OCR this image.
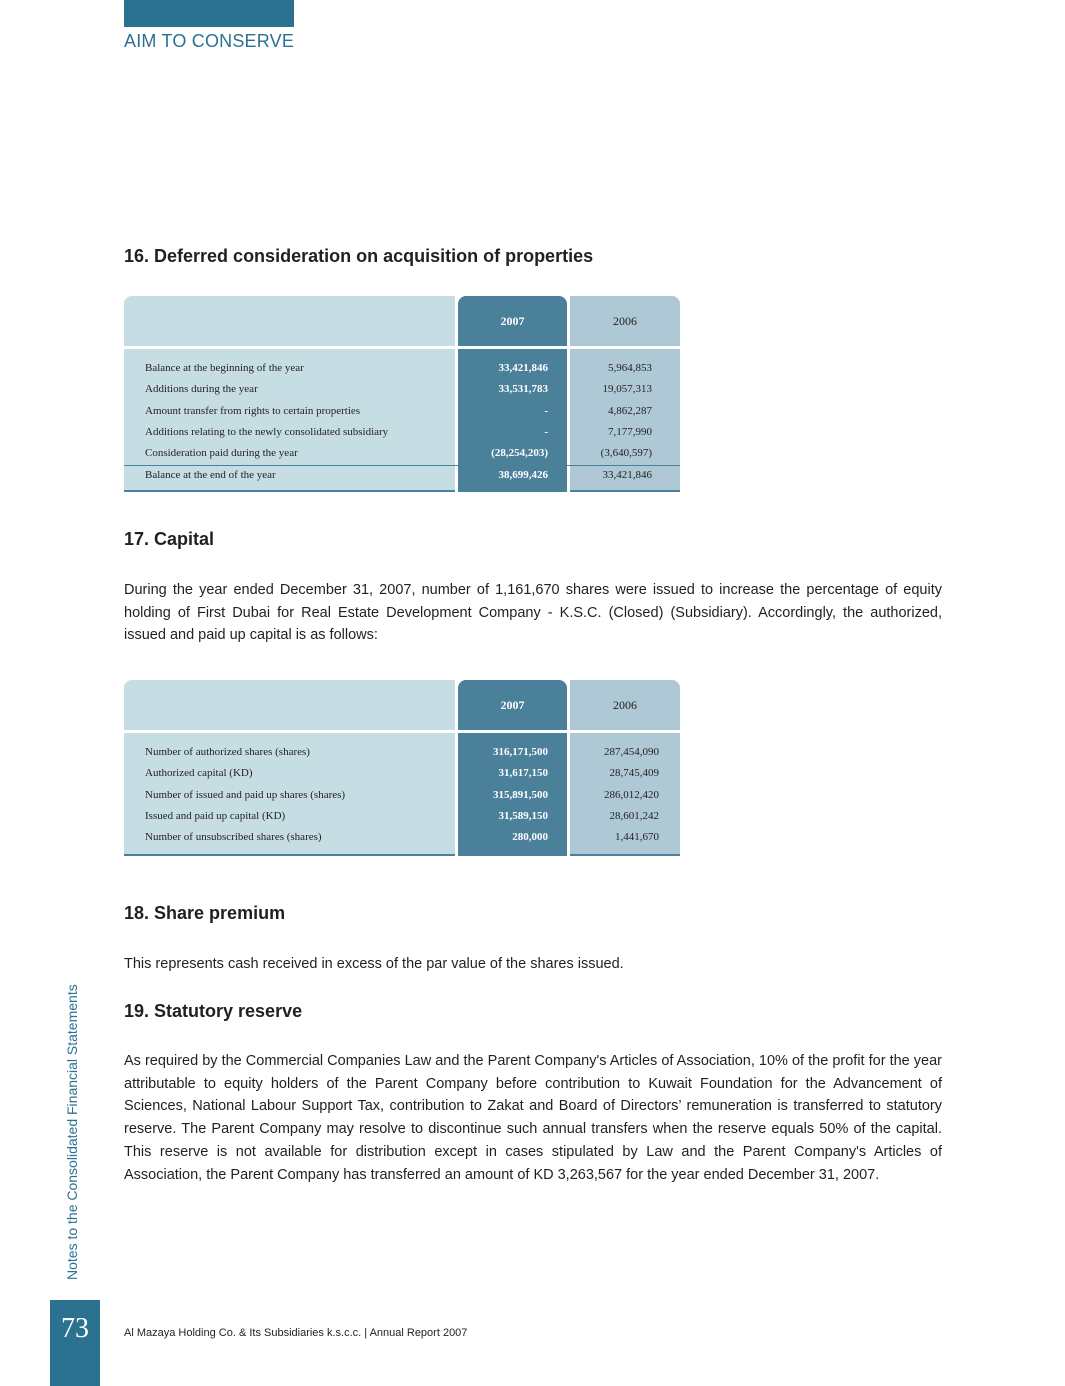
AIM TO CONSERVE
16. Deferred consideration on acquisition of properties
2007	2006
Balance at the beginning of the year	33,421,846	5,964,853
Additions during the year	33,531,783	19,057,313
Amount transfer from rights to certain properties	-	4,862,287
Additions relating to the newly consolidated subsidiary	-	7,177,990
Consideration paid during the year	(28,254,203)	(3,640,597)
Balance at the end of the year	38,699,426	33,421,846
17. Capital

During the year ended December 31, 2007, number of 1,161,670 shares were issued to increase the percentage of equity holding of First Dubai for Real Estate Development Company - K.S.C. (Closed) (Subsidiary). Accordingly, the authorized, issued and paid up capital is as follows:

2007	2006
Number of authorized shares (shares)	316,171,500	287,454,090
Authorized capital (KD)	31,617,150	28,745,409
Number of issued and paid up shares (shares)	315,891,500	286,012,420
Issued and paid up capital (KD)	31,589,150	28,601,242
Number of unsubscribed shares (shares)	280,000	1,441,670
18. Share premium

This represents cash received in excess of the par value of the shares issued.

19. Statutory reserve

As required by the Commercial Companies Law and the Parent Company's Articles of Association, 10% of the profit for the year attributable to equity holders of the Parent Company before contribution to Kuwait Foundation for the Advancement of Sciences, National Labour Support Tax, contribution to Zakat and Board of Directors’ remuneration is transferred to statutory reserve. The Parent Company may resolve to discontinue such annual transfers when the reserve equals 50% of the capital. This reserve is not available for distribution except in cases stipulated by Law and the Parent Company's Articles of Association, the Parent Company has transferred an amount of KD 3,263,567 for the year ended December 31, 2007.

Notes to the Consolidated Financial Statements
73	Al Mazaya Holding Co. & Its Subsidiaries k.s.c.c. | Annual Report 2007
